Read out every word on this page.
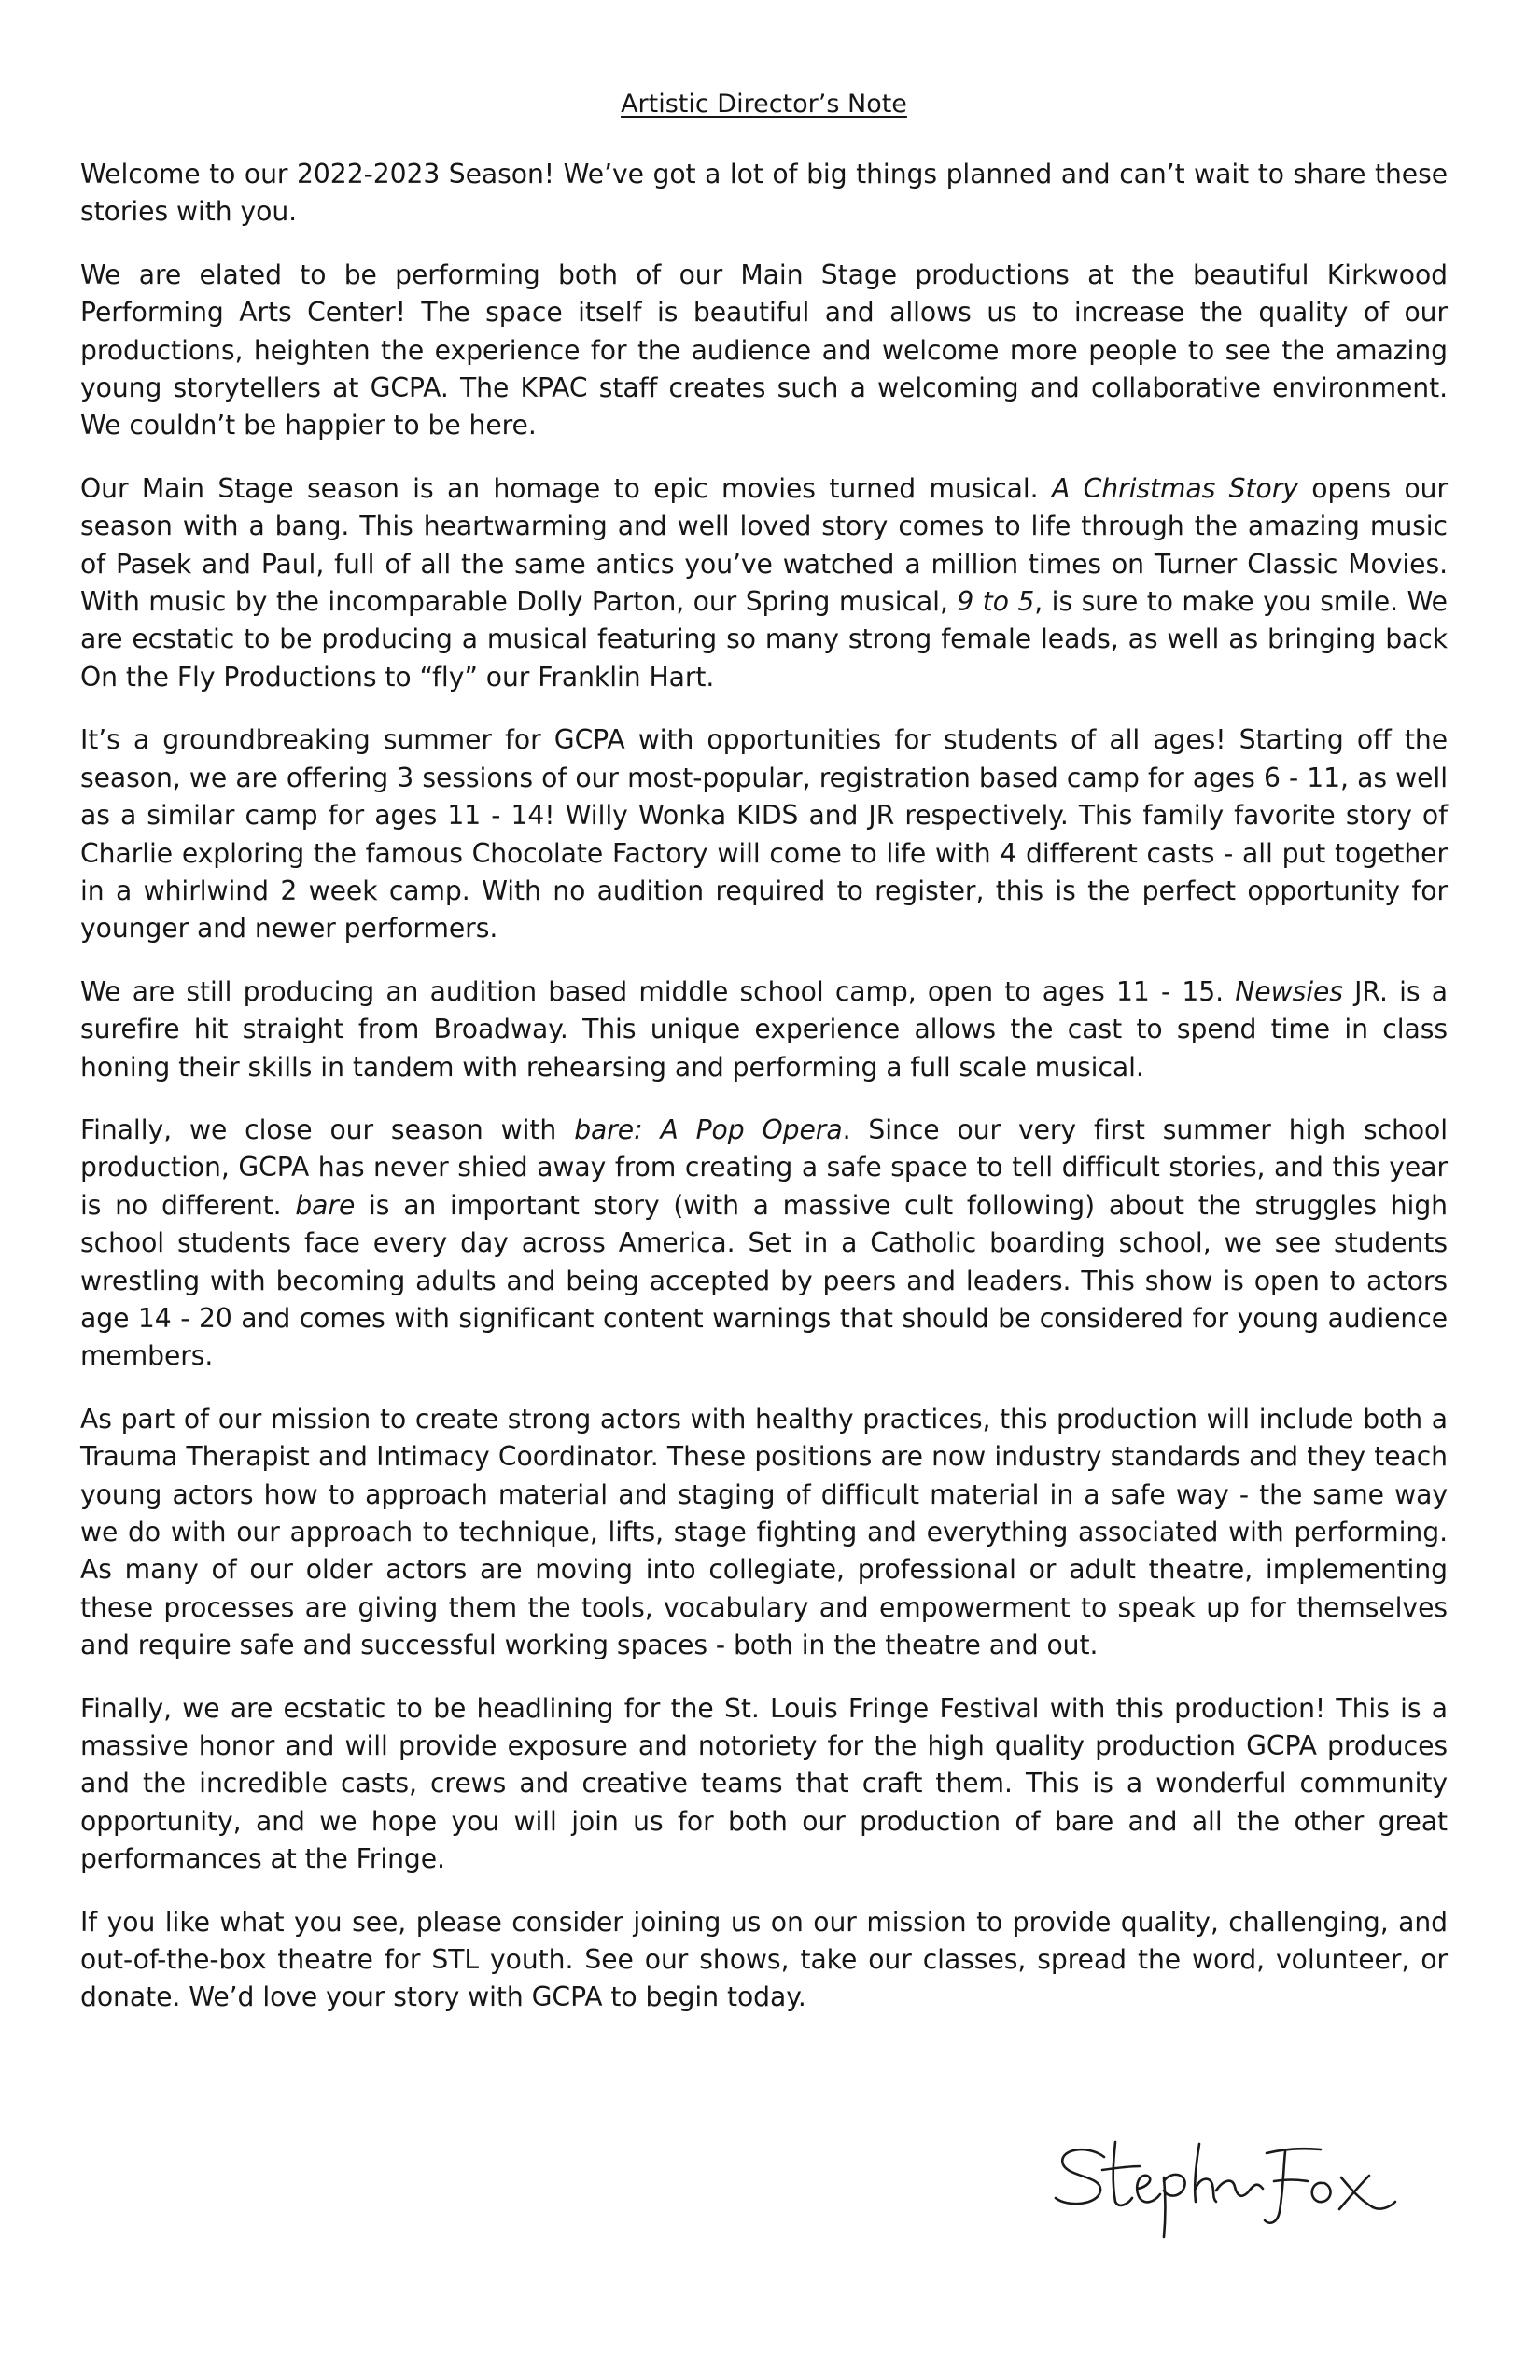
Artistic Director’s Note

Welcome to our 2022-2023 Season! We’ve got a lot of big things planned and can’t wait to share these stories with you.

We are elated to be performing both of our Main Stage productions at the beautiful Kirkwood Performing Arts Center! The space itself is beautiful and allows us to increase the quality of our productions, heighten the experience for the audience and welcome more people to see the amazing young storytellers at GCPA. The KPAC staff creates such a welcoming and collaborative environment. We couldn’t be happier to be here.

Our Main Stage season is an homage to epic movies turned musical. A Christmas Story opens our season with a bang. This heartwarming and well loved story comes to life through the amazing music of Pasek and Paul, full of all the same antics you’ve watched a million times on Turner Classic Movies. With music by the incomparable Dolly Parton, our Spring musical, 9 to 5, is sure to make you smile. We are ecstatic to be producing a musical featuring so many strong female leads, as well as bringing back On the Fly Productions to “fly” our Franklin Hart.

It’s a groundbreaking summer for GCPA with opportunities for students of all ages! Starting off the season, we are offering 3 sessions of our most-popular, registration based camp for ages 6 - 11, as well as a similar camp for ages 11 - 14! Willy Wonka KIDS and JR respectively. This family favorite story of Charlie exploring the famous Chocolate Factory will come to life with 4 different casts - all put together in a whirlwind 2 week camp. With no audition required to register, this is the perfect opportunity for younger and newer performers.

We are still producing an audition based middle school camp, open to ages 11 - 15. Newsies JR. is a surefire hit straight from Broadway. This unique experience allows the cast to spend time in class honing their skills in tandem with rehearsing and performing a full scale musical.

Finally, we close our season with bare: A Pop Opera. Since our very first summer high school production, GCPA has never shied away from creating a safe space to tell difficult stories, and this year is no different. bare is an important story (with a massive cult following) about the struggles high school students face every day across America. Set in a Catholic boarding school, we see students wrestling with becoming adults and being accepted by peers and leaders. This show is open to actors age 14 - 20 and comes with significant content warnings that should be considered for young audience members.

As part of our mission to create strong actors with healthy practices, this production will include both a Trauma Therapist and Intimacy Coordinator. These positions are now industry standards and they teach young actors how to approach material and staging of difficult material in a safe way - the same way we do with our approach to technique, lifts, stage fighting and everything associated with performing. As many of our older actors are moving into collegiate, professional or adult theatre, implementing these processes are giving them the tools, vocabulary and empowerment to speak up for themselves and require safe and successful working spaces - both in the theatre and out.

Finally, we are ecstatic to be headlining for the St. Louis Fringe Festival with this production! This is a massive honor and will provide exposure and notoriety for the high quality production GCPA produces and the incredible casts, crews and creative teams that craft them. This is a wonderful community opportunity, and we hope you will join us for both our production of bare and all the other great performances at the Fringe.

If you like what you see, please consider joining us on our mission to provide quality, challenging, and out-of-the-box theatre for STL youth. See our shows, take our classes, spread the word, volunteer, or donate. We’d love your story with GCPA to begin today.
